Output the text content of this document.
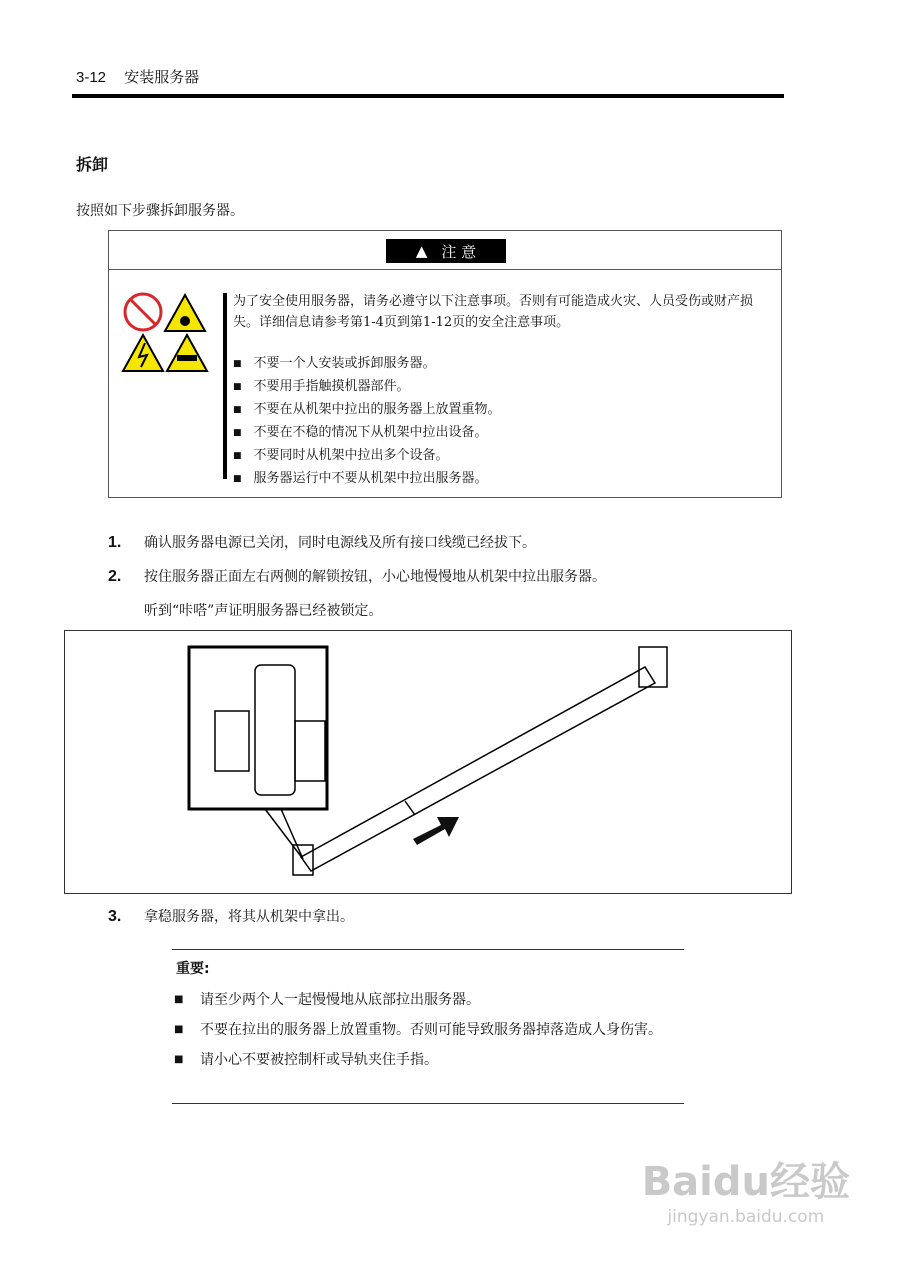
3-12 安装服务器
拆卸
按照如下步骤拆卸服务器。
▲ 注 意
为了安全使用服务器，请务必遵守以下注意事项。否则有可能造成火灾、人员受伤或财产损失。详细信息请参考第1-4页到第1-12页的安全注意事项。
■ 不要一个人安装或拆卸服务器。
■ 不要用手指触摸机器部件。
■ 不要在从机架中拉出的服务器上放置重物。
■ 不要在不稳的情况下从机架中拉出设备。
■ 不要同时从机架中拉出多个设备。
■ 服务器运行中不要从机架中拉出服务器。
1. 确认服务器电源已关闭，同时电源线及所有接口线缆已经拔下。
2. 按住服务器正面左右两侧的解锁按钮，小心地慢慢地从机架中拉出服务器。
听到“咔嗒”声证明服务器已经被锁定。
3. 拿稳服务器，将其从机架中拿出。
重要:
■ 请至少两个人一起慢慢地从底部拉出服务器。
■ 不要在拉出的服务器上放置重物。否则可能导致服务器掉落造成人身伤害。
■ 请小心不要被控制杆或导轨夹住手指。
Baidu经验
jingyan.baidu.com
